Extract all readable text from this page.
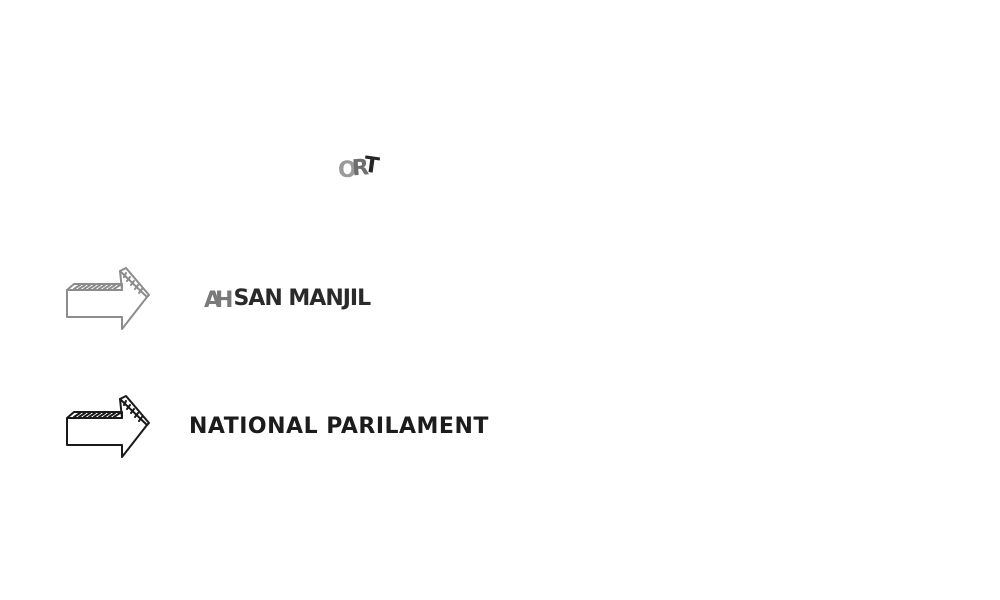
ORT
AH SAN MANJIL
NATIONAL PARILAMENT
